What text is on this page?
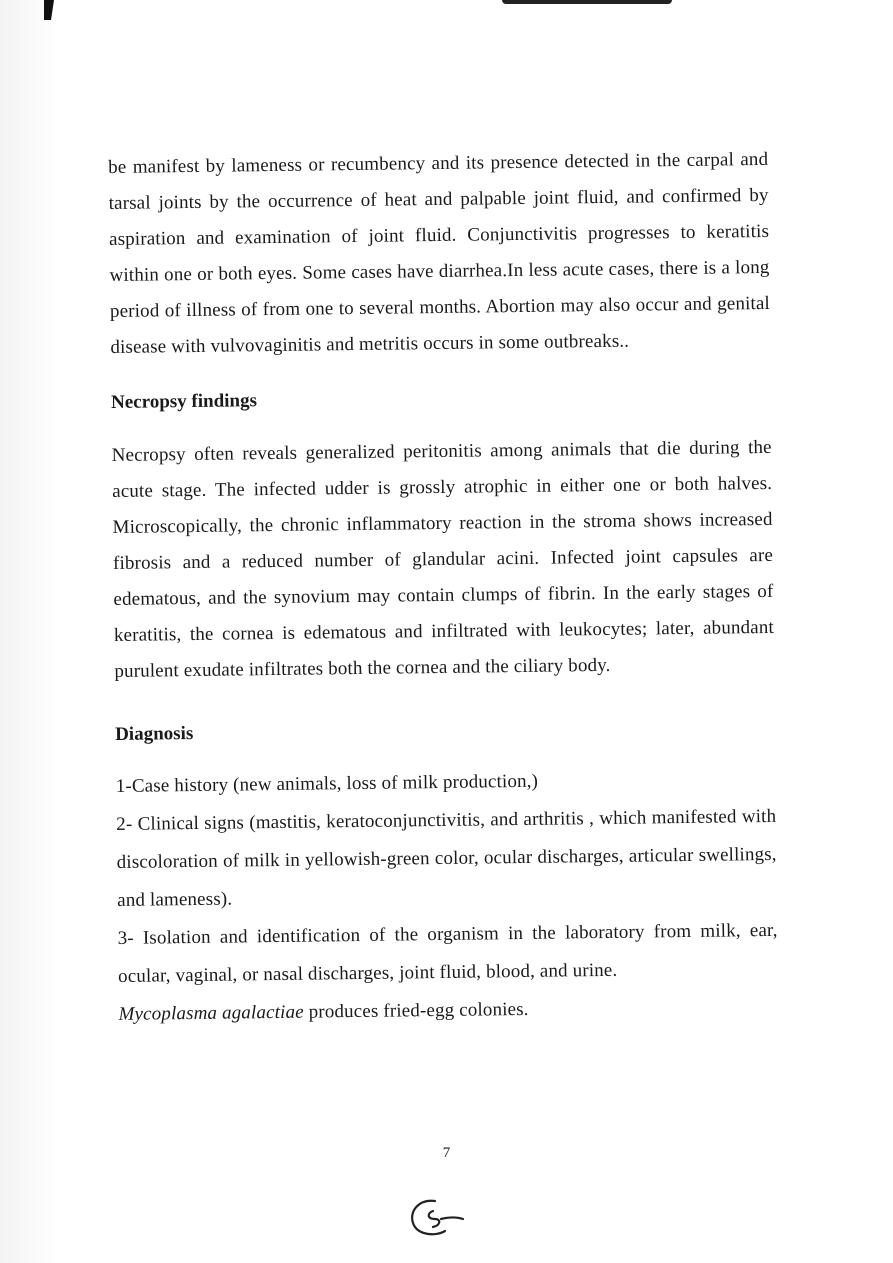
be manifest by lameness or recumbency and its presence detected in the carpal and tarsal joints by the occurrence of heat and palpable joint fluid, and confirmed by aspiration and examination of joint fluid. Conjunctivitis progresses to keratitis within one or both eyes. Some cases have diarrhea.In less acute cases, there is a long period of illness of from one to several months. Abortion may also occur and genital disease with vulvovaginitis and metritis occurs in some outbreaks..

Necropsy findings

Necropsy often reveals generalized peritonitis among animals that die during the acute stage. The infected udder is grossly atrophic in either one or both halves. Microscopically, the chronic inflammatory reaction in the stroma shows increased fibrosis and a reduced number of glandular acini. Infected joint capsules are edematous, and the synovium may contain clumps of fibrin. In the early stages of keratitis, the cornea is edematous and infiltrated with leukocytes; later, abundant purulent exudate infiltrates both the cornea and the ciliary body.

Diagnosis
1-Case history (new animals, loss of milk production,)
2- Clinical signs (mastitis, keratoconjunctivitis, and arthritis , which manifested with discoloration of milk in yellowish-green color, ocular discharges, articular swellings, and lameness).
3- Isolation and identification of the organism in the laboratory from milk, ear, ocular, vaginal, or nasal discharges, joint fluid, blood, and urine.
Mycoplasma agalactiae produces fried-egg colonies.
7
